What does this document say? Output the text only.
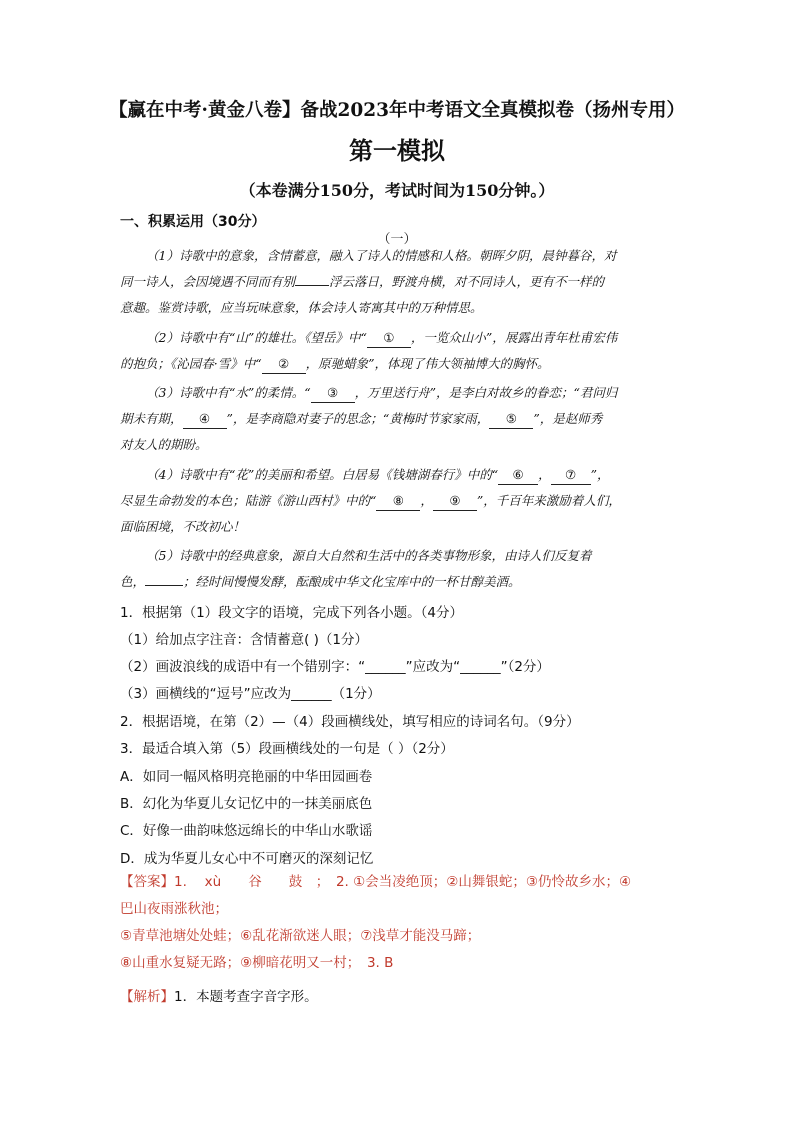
【赢在中考·黄金八卷】备战2023年中考语文全真模拟卷（扬州专用）
第一模拟
（本卷满分150分，考试时间为150分钟。）
一、积累运用（30分）
（一）
（1）诗歌中的意象，含情蓄意，融入了诗人的情感和人格。朝晖夕阴，晨钟暮谷，对
同一诗人，会因境遇不同而有别	浮云落日，野渡舟横，对不同诗人，更有不一样的
意趣。鉴赏诗歌，应当玩味意象，体会诗人寄寓其中的万种情思。
（2）诗歌中有“山”的雄壮。《望岳》中“ ① ，一览众山小”，展露出青年杜甫宏伟
的抱负；《沁园春·雪》中“ ② ，原驰蜡象”，体现了伟大领袖博大的胸怀。
（3）诗歌中有“水”的柔情。“ ③ ，万里送行舟”，是李白对故乡的眷恋；“君问归
期未有期， ④ ”，是李商隐对妻子的思念；“黄梅时节家家雨， ⑤ ”，是赵师秀
对友人的期盼。
（4）诗歌中有“花”的美丽和希望。白居易《钱塘湖春行》中的“ ⑥ ， ⑦ ”，
尽显生命勃发的本色；陆游《游山西村》中的“ ⑧ ， ⑨ ”，千百年来激励着人们，
面临困境，不改初心！
（5）诗歌中的经典意象，源自大自然和生活中的各类事物形象，由诗人们反复着
色，	；经时间慢慢发酵，酝酿成中华文化宝库中的一杯甘醇美酒。
1．根据第（1）段文字的语境，完成下列各小题。（4分）
（1）给加点字注音：含情蓄意( )（1分）
（2）画波浪线的成语中有一个错别字：“______”应改为“______”（2分）
（3）画横线的“逗号”应改为______（1分）
2．根据语境，在第（2）—（4）段画横线处，填写相应的诗词名句。（9分）
3．最适合填入第（5）段画横线处的一句是（ ）（2分）
A．如同一幅风格明亮艳丽的中华田园画卷
B．幻化为华夏儿女记忆中的一抹美丽底色
C．好像一曲韵味悠远绵长的中华山水歌谣
D．成为华夏儿女心中不可磨灭的深刻记忆
【答案】1.　 xù　　谷　　鼓　；　2. ①会当凌绝顶；②山舞银蛇；③仍怜故乡水；④
巴山夜雨涨秋池；
⑤青草池塘处处蛙；⑥乱花渐欲迷人眼；⑦浅草才能没马蹄；
⑧山重水复疑无路；⑨柳暗花明又一村；　3. B
【解析】1．本题考查字音字形。
